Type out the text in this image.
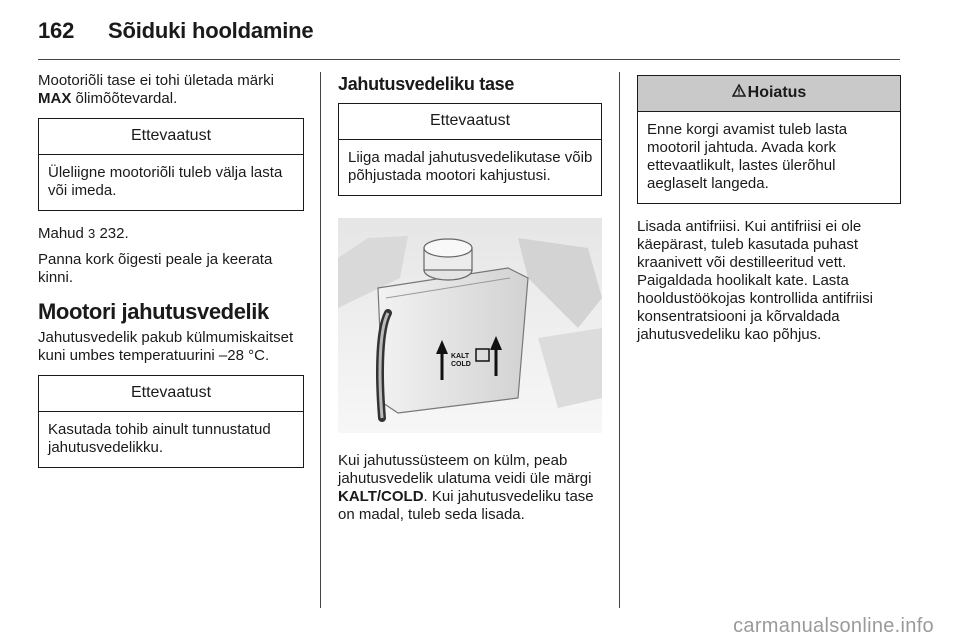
162 Sõiduki hooldamine

Mootoriõli tase ei tohi ületada märki
MAX õlimõõtevardal.

Ettevaatust
Üleliigne mootoriõli tuleb välja lasta või imeda.

Mahud 3 232.

Panna kork õigesti peale ja keerata kinni.

Mootori jahutusvedelik

Jahutusvedelik pakub külmumiskaitset kuni umbes temperatuurini –28 °C.

Ettevaatust
Kasutada tohib ainult tunnustatud jahutusvedelikku.
Jahutusvedeliku tase
Ettevaatust
Liiga madal jahutusvedelikutase võib põhjustada mootori kahjustusi.
KALT
COLD

Kui jahutussüsteem on külm, peab jahutusvedelik ulatuma veidi üle märgi KALT/COLD. Kui jahutusvedeliku tase on madal, tuleb seda lisada.

Hoiatus
Enne korgi avamist tuleb lasta mootoril jahtuda. Avada kork ettevaatlikult, lastes ülerõhul aeglaselt langeda.

Lisada antifriisi. Kui antifriisi ei ole käepärast, tuleb kasutada puhast kraanivett või destilleeritud vett. Paigaldada hoolikalt kate. Lasta hooldustöökojas kontrollida antifriisi konsentratsiooni ja kõrvaldada jahutusvedeliku kao põhjus.

carmanualsonline.info
